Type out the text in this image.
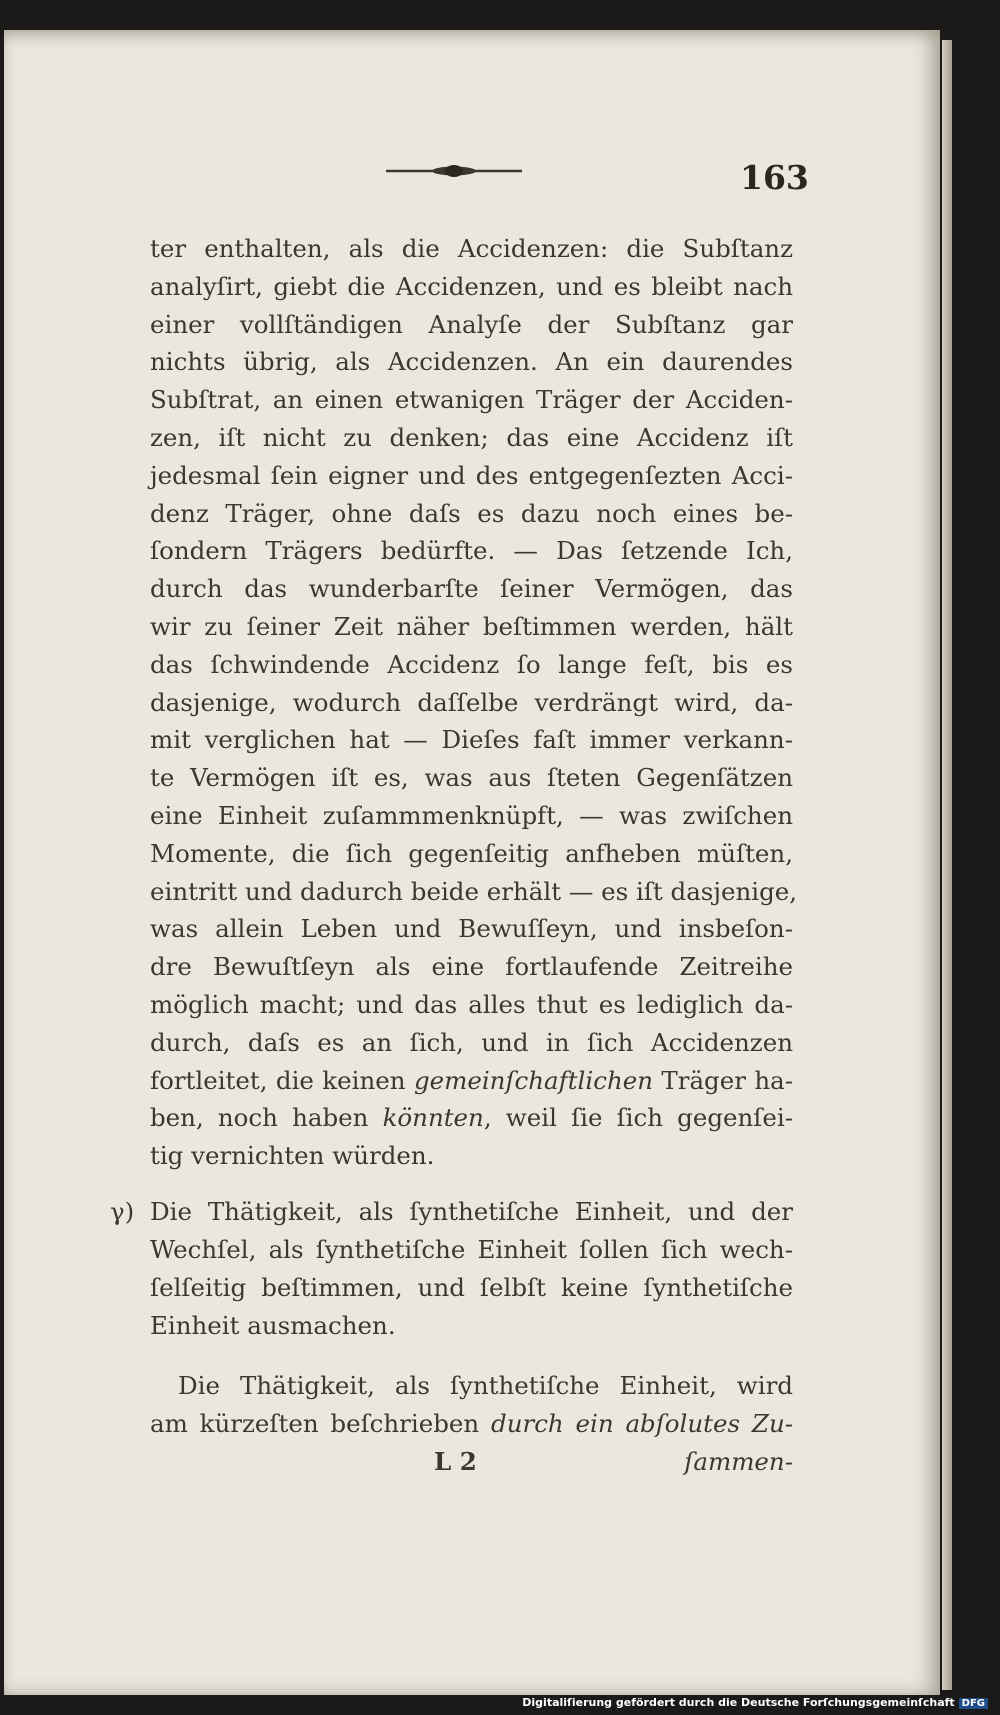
163
ter enthalten, als die Accidenzen: die Subſtanz
analyſirt, giebt die Accidenzen, und es bleibt nach
einer vollſtändigen Analyſe der Subſtanz gar
nichts übrig, als Accidenzen. An ein daurendes
Subſtrat, an einen etwanigen Träger der Acciden-
zen, iſt nicht zu denken; das eine Accidenz iſt
jedesmal ſein eigner und des entgegenſezten Acci-
denz Träger, ohne daſs es dazu noch eines be-
ſondern Trägers bedürfte. — Das ſetzende Ich,
durch das wunderbarſte ſeiner Vermögen, das
wir zu ſeiner Zeit näher beſtimmen werden, hält
das ſchwindende Accidenz ſo lange feſt, bis es
dasjenige, wodurch daſſelbe verdrängt wird, da-
mit verglichen hat — Dieſes faſt immer verkann-
te Vermögen iſt es, was aus ſteten Gegenſätzen
eine Einheit zuſammmenknüpft, — was zwiſchen
Momente, die ſich gegenſeitig anfheben müſten,
eintritt und dadurch beide erhält — es iſt dasjenige,
was allein Leben und Bewuſſeyn, und insbeſon-
dre Bewuſtſeyn als eine fortlaufende Zeitreihe
möglich macht; und das alles thut es lediglich da-
durch, daſs es an ſich, und in ſich Accidenzen
fortleitet, die keinen gemeinſchaftlichen Träger ha-
ben, noch haben könnten, weil ſie ſich gegenſei-
tig vernichten würden.
γ) Die Thätigkeit, als ſynthetiſche Einheit, und der
Wechſel, als ſynthetiſche Einheit ſollen ſich wech-
ſelſeitig beſtimmen, und ſelbſt keine ſynthetiſche
Einheit ausmachen.
Die Thätigkeit, als ſynthetiſche Einheit, wird
am kürzeſten beſchrieben durch ein abſolutes Zu-
L 2	ſammen-
Digitaliſierung gefördert durch die Deutsche Forſchungsgemeinſchaft DFG
